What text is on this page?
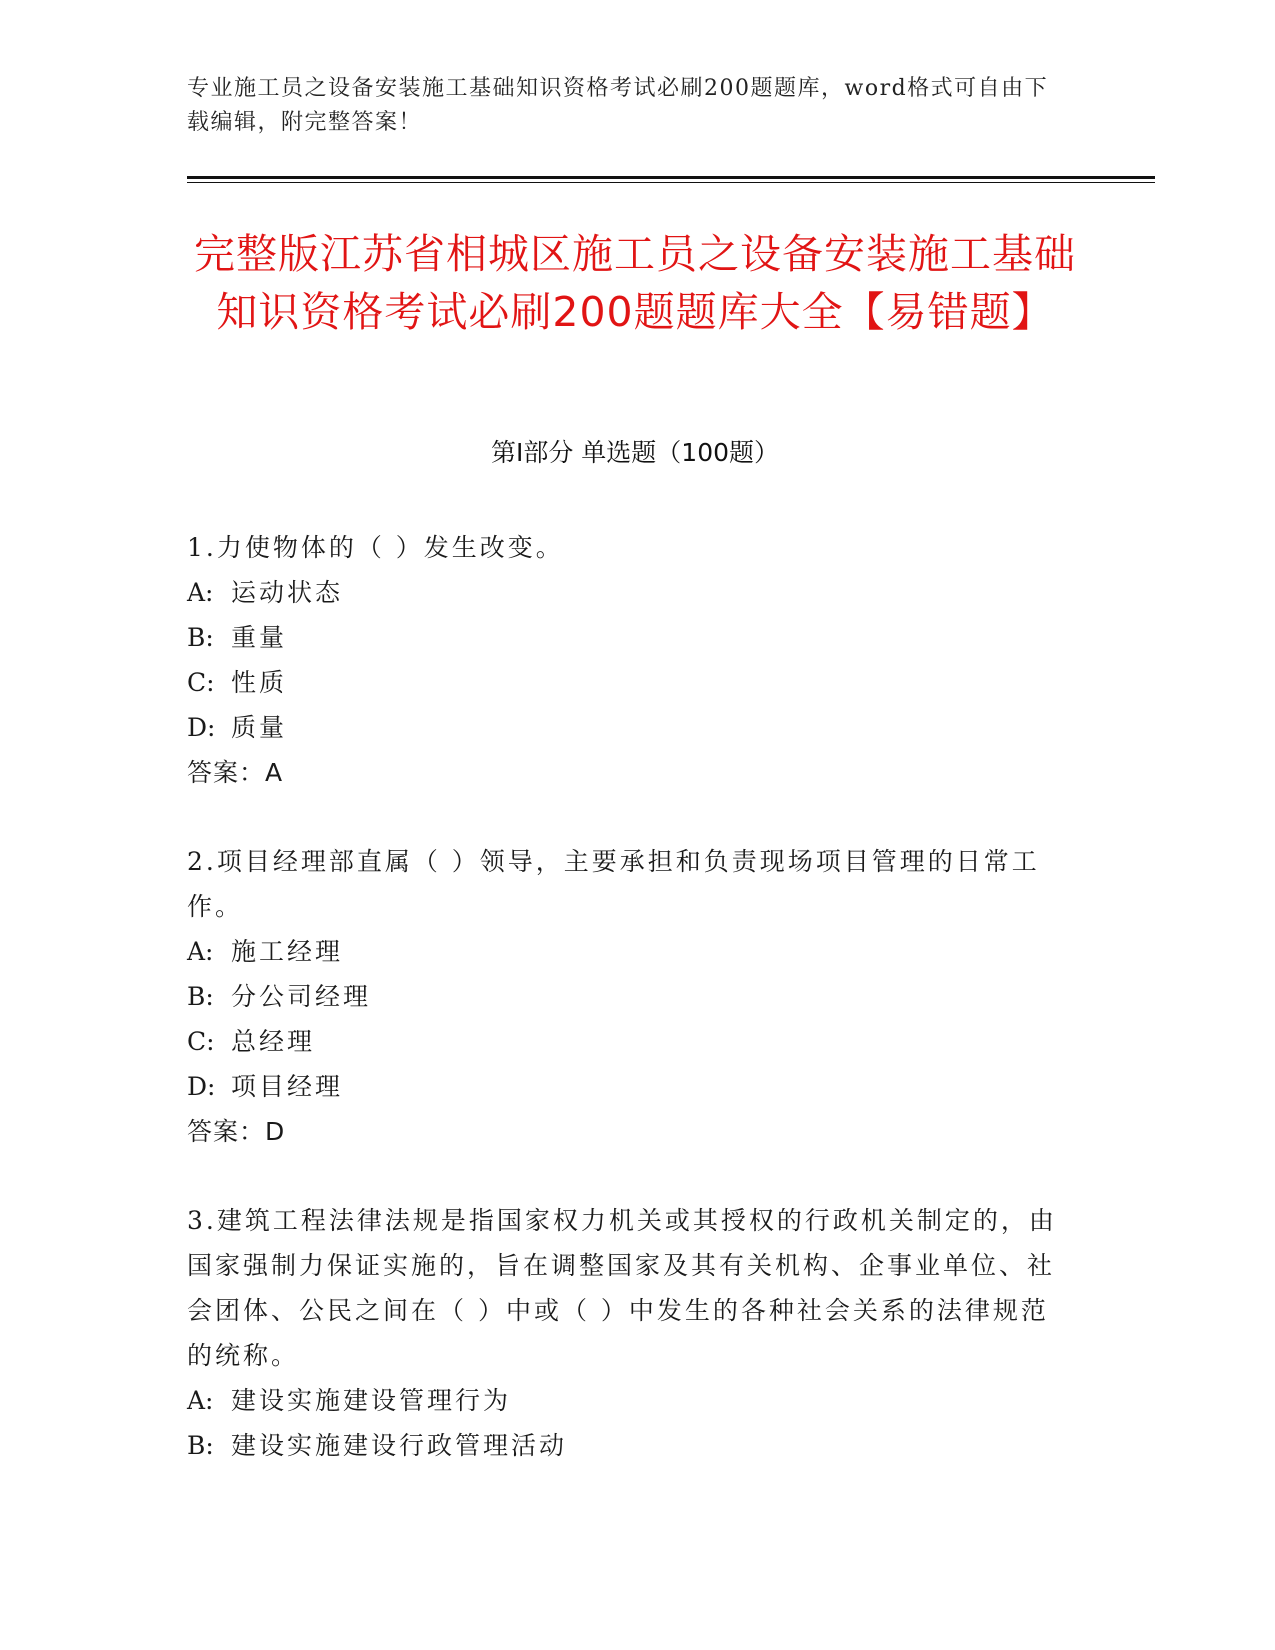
专业施工员之设备安装施工基础知识资格考试必刷200题题库，word格式可自由下载编辑，附完整答案！
完整版江苏省相城区施工员之设备安装施工基础知识资格考试必刷200题题库大全【易错题】
第Ⅰ部分 单选题（100题）
1.力使物体的（ ）发生改变。
A: 运动状态
B: 重量
C: 性质
D: 质量
答案：A
2.项目经理部直属（ ）领导，主要承担和负责现场项目管理的日常工作。
A: 施工经理
B: 分公司经理
C: 总经理
D: 项目经理
答案：D
3.建筑工程法律法规是指国家权力机关或其授权的行政机关制定的，由国家强制力保证实施的，旨在调整国家及其有关机构、企事业单位、社会团体、公民之间在（ ）中或（ ）中发生的各种社会关系的法律规范的统称。
A: 建设实施建设管理行为
B: 建设实施建设行政管理活动
